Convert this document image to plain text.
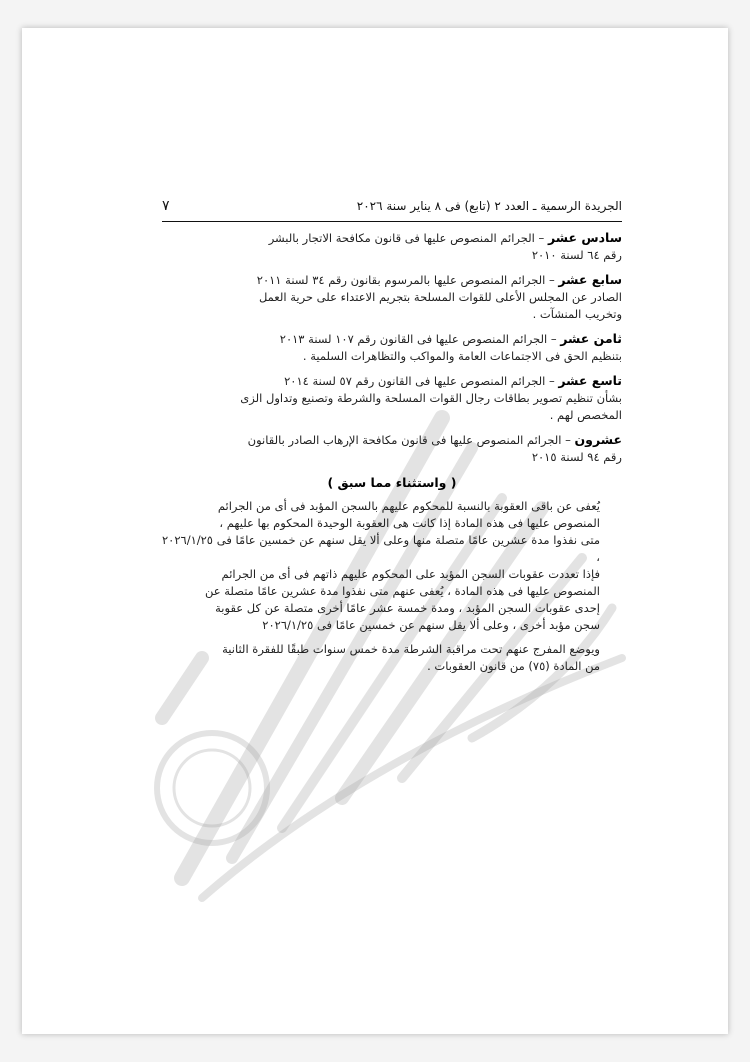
الجريدة الرسمية ـ العدد ٢ (تابع) فى ٨ يناير سنة ٢٠٢٦
٧
سادس عشر – الجرائم المنصوص عليها فى قانون مكافحة الاتجار بالبشر
رقم ٦٤ لسنة ٢٠١٠
سابع عشر – الجرائم المنصوص عليها بالمرسوم بقانون رقم ٣٤ لسنة ٢٠١١
الصادر عن المجلس الأعلى للقوات المسلحة بتجريم الاعتداء على حرية العمل
وتخريب المنشآت .
ثامن عشر – الجرائم المنصوص عليها فى القانون رقم ١٠٧ لسنة ٢٠١٣
بتنظيم الحق فى الاجتماعات العامة والمواكب والتظاهرات السلمية .
تاسع عشر – الجرائم المنصوص عليها فى القانون رقم ٥٧ لسنة ٢٠١٤
بشأن تنظيم تصوير بطاقات رجال القوات المسلحة والشرطة وتصنيع وتداول الزى
المخصص لهم .
عشرون – الجرائم المنصوص عليها فى قانون مكافحة الإرهاب الصادر بالقانون
رقم ٩٤ لسنة ٢٠١٥
( واستثناء مما سبق )
يُعفى عن باقى العقوبة بالنسبة للمحكوم عليهم بالسجن المؤبد فى أى من الجرائم
المنصوص عليها فى هذه المادة إذا كانت هى العقوبة الوحيدة المحكوم بها عليهم ،
متى نفذوا مدة عشرين عامًا متصلة منها وعلى ألا يقل سنهم عن خمسين عامًا فى ٢٠٢٦/١/٢٥ ،
فإذا تعددت عقوبات السجن المؤبد على المحكوم عليهم ذاتهم فى أى من الجرائم
المنصوص عليها فى هذه المادة ، يُعفى عنهم متى نفذوا مدة عشرين عامًا متصلة عن
إحدى عقوبات السجن المؤبد ، ومدة خمسة عشر عامًا أخرى متصلة عن كل عقوبة
سجن مؤبد أخرى ، وعلى ألا يقل سنهم عن خمسين عامًا فى ٢٠٢٦/١/٢٥
ويوضع المفرج عنهم تحت مراقبة الشرطة مدة خمس سنوات طبقًا للفقرة الثانية
من المادة (٧٥) من قانون العقوبات .
